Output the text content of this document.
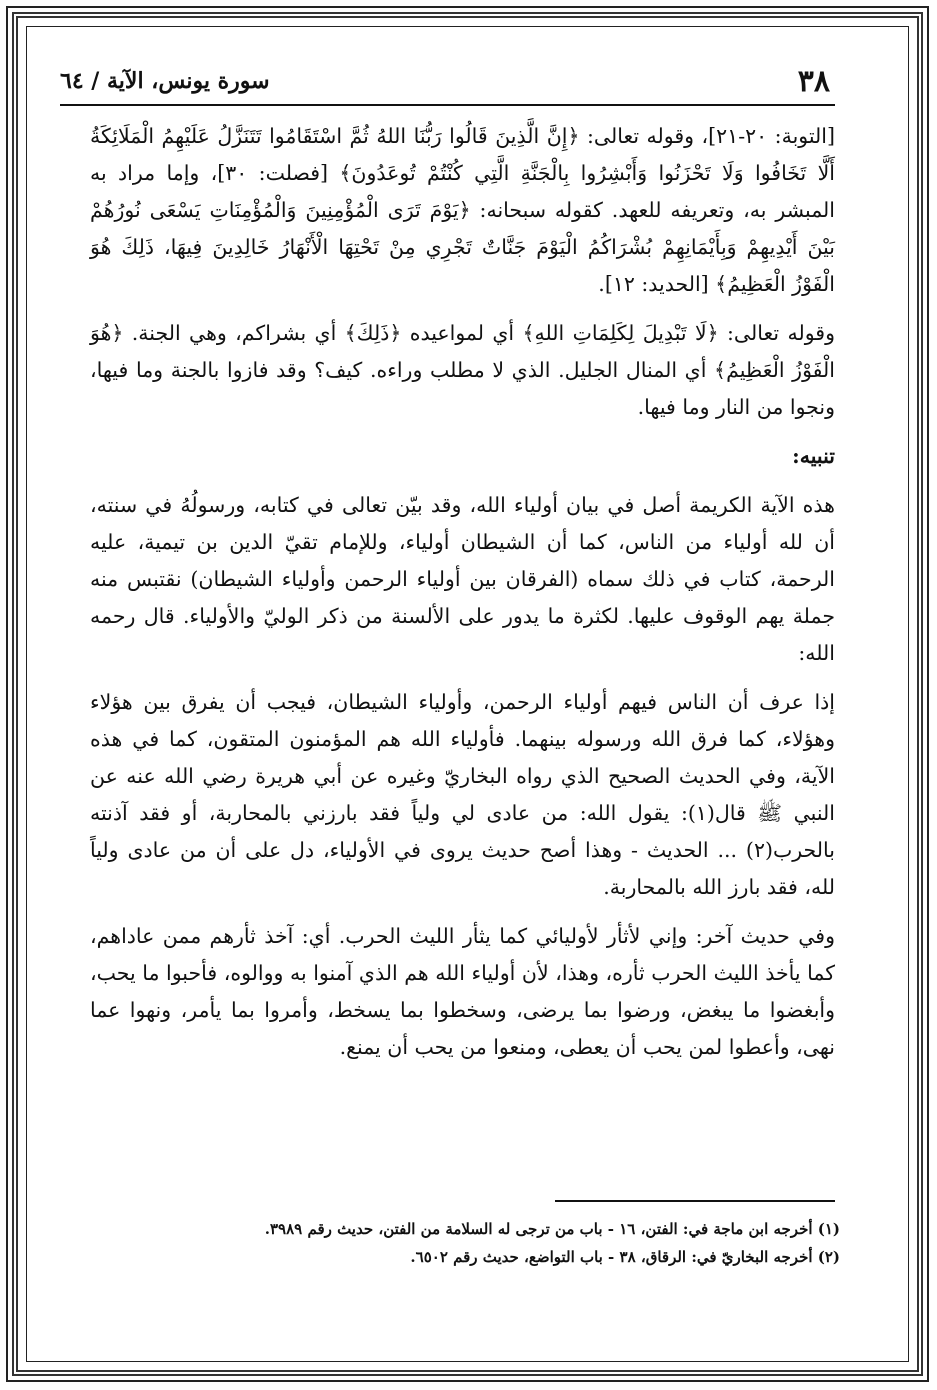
٣٨
سورة يونس، الآية / ٦٤

[التوبة: ٢٠-٢١]، وقوله تعالى: ﴿إِنَّ الَّذِينَ قَالُوا رَبُّنَا اللهُ ثُمَّ اسْتَقَامُوا تَتَنَزَّلُ عَلَيْهِمُ الْمَلَائِكَةُ أَلَّا تَخَافُوا وَلَا تَحْزَنُوا وَأَبْشِرُوا بِالْجَنَّةِ الَّتِي كُنْتُمْ تُوعَدُونَ﴾ [فصلت: ٣٠]، وإما مراد به المبشر به، وتعريفه للعهد. كقوله سبحانه: ﴿يَوْمَ تَرَى الْمُؤْمِنِينَ وَالْمُؤْمِنَاتِ يَسْعَى نُورُهُمْ بَيْنَ أَيْدِيهِمْ وَبِأَيْمَانِهِمْ بُشْرَاكُمُ الْيَوْمَ جَنَّاتٌ تَجْرِي مِنْ تَحْتِهَا الْأَنْهَارُ خَالِدِينَ فِيهَا، ذَلِكَ هُوَ الْفَوْزُ الْعَظِيمُ﴾ [الحديد: ١٢].

وقوله تعالى: ﴿لَا تَبْدِيلَ لِكَلِمَاتِ اللهِ﴾ أي لمواعيده ﴿ذَلِكَ﴾ أي بشراكم، وهي الجنة. ﴿هُوَ الْفَوْزُ الْعَظِيمُ﴾ أي المنال الجليل. الذي لا مطلب وراءه. كيف؟ وقد فازوا بالجنة وما فيها، ونجوا من النار وما فيها.

تنبيه:

هذه الآية الكريمة أصل في بيان أولياء الله، وقد بيّن تعالى في كتابه، ورسولُهُ في سنته، أن لله أولياء من الناس، كما أن الشيطان أولياء، وللإمام تقيّ الدين بن تيمية، عليه الرحمة، كتاب في ذلك سماه (الفرقان بين أولياء الرحمن وأولياء الشيطان) نقتبس منه جملة يهم الوقوف عليها. لكثرة ما يدور على الألسنة من ذكر الوليّ والأولياء. قال رحمه الله:

إذا عرف أن الناس فيهم أولياء الرحمن، وأولياء الشيطان، فيجب أن يفرق بين هؤلاء وهؤلاء، كما فرق الله ورسوله بينهما. فأولياء الله هم المؤمنون المتقون، كما في هذه الآية، وفي الحديث الصحيح الذي رواه البخاريّ وغيره عن أبي هريرة رضي الله عنه عن النبي ﷺ قال(١): يقول الله: من عادى لي ولياً فقد بارزني بالمحاربة، أو فقد آذنته بالحرب(٢) ... الحديث - وهذا أصح حديث يروى في الأولياء، دل على أن من عادى ولياً لله، فقد بارز الله بالمحاربة.

وفي حديث آخر: وإني لأثأر لأوليائي كما يثأر الليث الحرب. أي: آخذ ثأرهم ممن عاداهم، كما يأخذ الليث الحرب ثأره، وهذا، لأن أولياء الله هم الذي آمنوا به ووالوه، فأحبوا ما يحب، وأبغضوا ما يبغض، ورضوا بما يرضى، وسخطوا بما يسخط، وأمروا بما يأمر، ونهوا عما نهى، وأعطوا لمن يحب أن يعطى، ومنعوا من يحب أن يمنع.

(١) أخرجه ابن ماجة في: الفتن، ١٦ - باب من ترجى له السلامة من الفتن، حديث رقم ٣٩٨٩.
(٢) أخرجه البخاريّ في: الرقاق، ٣٨ - باب التواضع، حديث رقم ٦٥٠٢.
